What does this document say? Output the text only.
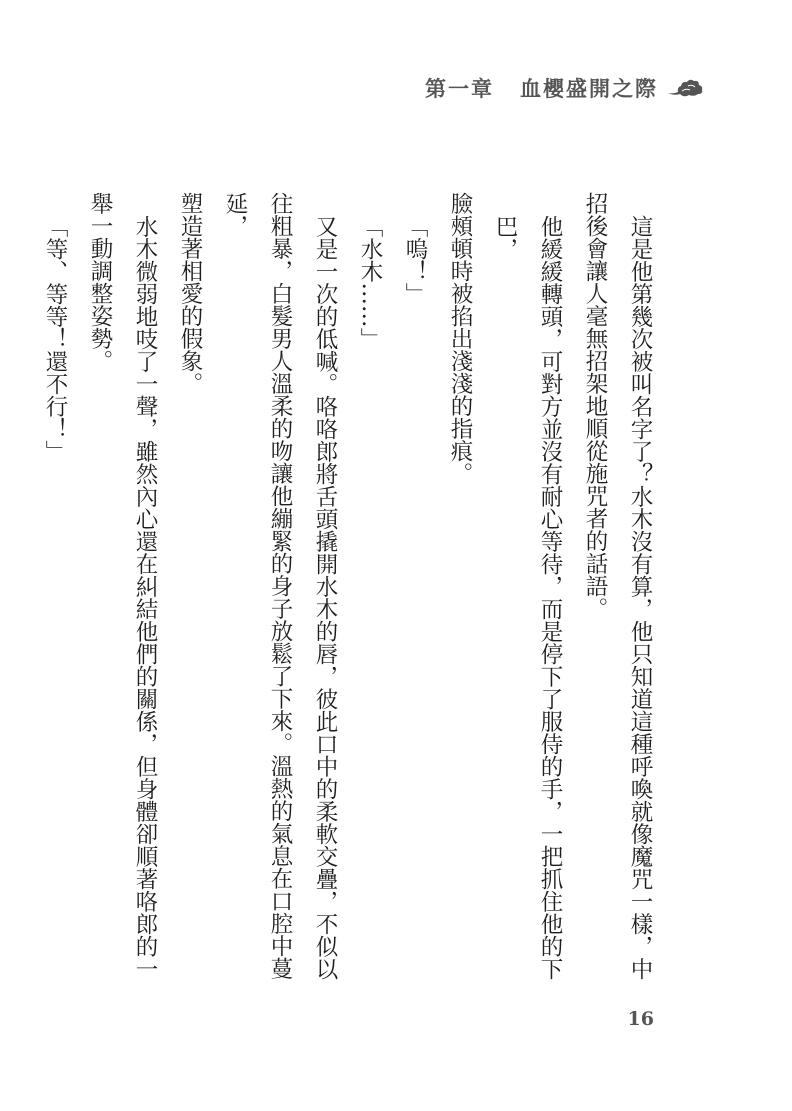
第一章 血櫻盛開之際

這是他第幾次被叫名字了？水木沒有算，他只知道這種呼喚就像魔咒一樣，中

招後會讓人毫無招架地順從施咒者的話語。

他緩緩轉頭，可對方並沒有耐心等待，而是停下了服侍的手，一把抓住他的下巴，

臉頰頓時被掐出淺淺的指痕。

「嗚！」

「水木……」

又是一次的低喊。咯咯郎將舌頭撬開水木的唇，彼此口中的柔軟交疊，不似以

往粗暴，白髮男人溫柔的吻讓他繃緊的身子放鬆了下來。溫熱的氣息在口腔中蔓延，

塑造著相愛的假象。

水木微弱地吱了一聲，雖然內心還在糾結他們的關係，但身體卻順著咯郎的一

舉一動調整姿勢。

「等、等等！還不行！」

16
